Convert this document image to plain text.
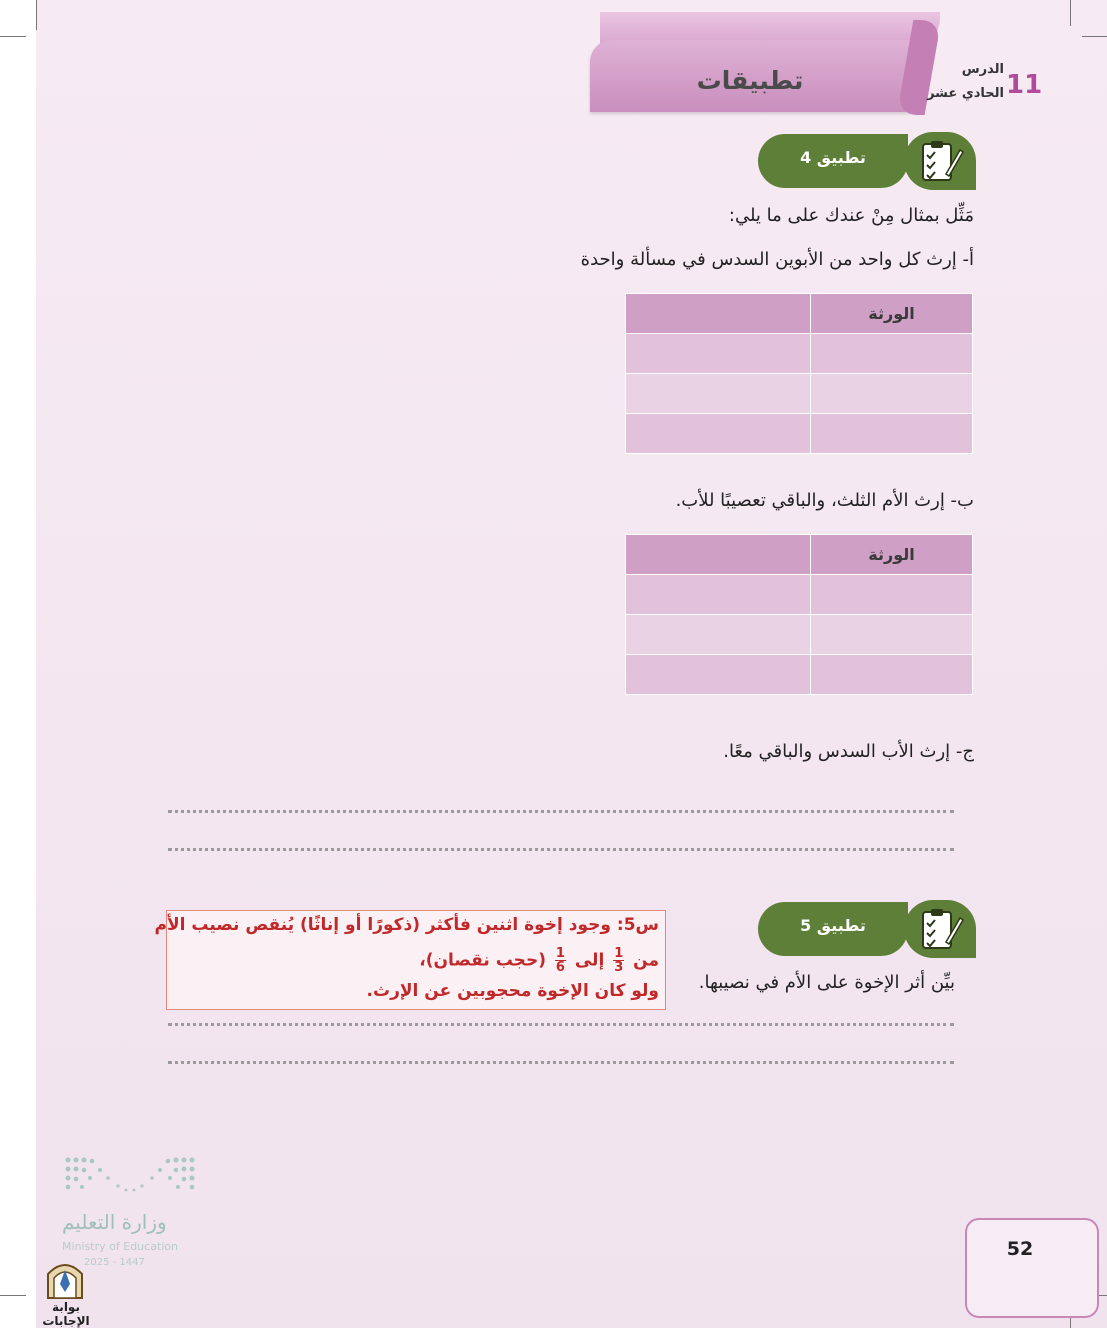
تطبيقات	الدرس
11
الحادي عشر
تطبيق 4
مَثِّل بمثال مِنْ عندك على ما يلي:
أ- إرث كل واحد من الأبوين السدس في مسألة واحدة
	الورثة

ب- إرث الأم الثلث، والباقي تعصيبًا للأب.
	الورثة

ج- إرث الأب السدس والباقي معًا.
تطبيق 5
بيِّن أثر الإخوة على الأم في نصيبها.
س5: وجود إخوة اثنين فأكثر (ذكورًا أو إناثًا) يُنقص نصيب الأم
من
$\frac{1}{3}$
إلى
$\frac{1}{6}$
(حجب نقصان)،
ولو كان الإخوة محجوبين عن الإرث.
وزارة التعليم
Ministry of Education
2025 - 1447
بوابة الإجابات
52
